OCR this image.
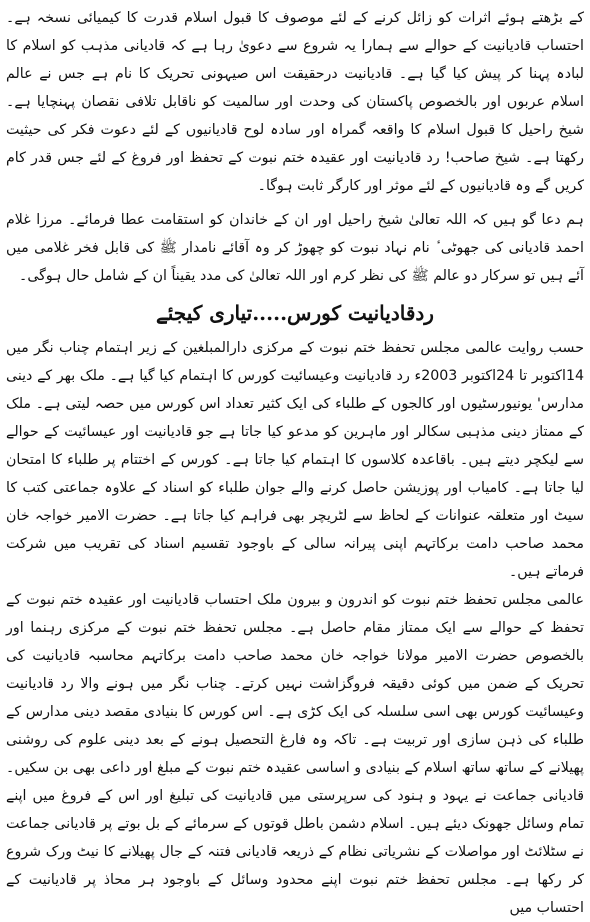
کے بڑھتے ہوئے اثرات کو زائل کرنے کے لئے موصوف کا قبول اسلام قدرت کا کیمیائی نسخہ ہے۔ احتساب قادیانیت کے حوالے سے ہمارا یہ شروع سے دعویٰ رہا ہے کہ قادیانی مذہب کو اسلام کا لبادہ پہنا کر پیش کیا گیا ہے۔ قادیانیت درحقیقت اس صیہونی تحریک کا نام ہے جس نے عالم اسلام عربوں اور بالخصوص پاکستان کی وحدت اور سالمیت کو ناقابل تلافی نقصان پہنچایا ہے۔ شیخ راحیل کا قبول اسلام کا واقعہ گمراہ اور سادہ لوح قادیانیوں کے لئے دعوت فکر کی حیثیت رکھتا ہے۔ شیخ صاحب! رد قادیانیت اور عقیدہ ختم نبوت کے تحفظ اور فروغ کے لئے جس قدر کام کریں گے وہ قادیانیوں کے لئے موثر اور کارگر ثابت ہوگا۔

ہم دعا گو ہیں کہ اللہ تعالیٰ شیخ راحیل اور ان کے خاندان کو استقامت عطا فرمائے۔ مرزا غلام احمد قادیانی کی جھوٹی ٔ نام نہاد نبوت کو چھوڑ کر وہ آقائے نامدار ﷺ کی قابل فخر غلامی میں آئے ہیں تو سرکار دو عالم ﷺ کی نظر کرم اور اللہ تعالیٰ کی مدد یقیناً ان کے شامل حال ہوگی۔

ردقادیانیت کورس.....تیاری کیجئے

حسب روایت عالمی مجلس تحفظ ختم نبوت کے مرکزی دارالمبلغین کے زیر اہتمام چناب نگر میں 14اکتوبر تا 24اکتوبر 2003ء رد قادیانیت وعیسائیت کورس کا اہتمام کیا گیا ہے۔ ملک بھر کے دینی مدارس' یونیورسٹیوں اور کالجوں کے طلباء کی ایک کثیر تعداد اس کورس میں حصہ لیتی ہے۔ ملک کے ممتاز دینی مذہبی سکالر اور ماہرین کو مدعو کیا جاتا ہے جو قادیانیت اور عیسائیت کے حوالے سے لیکچر دیتے ہیں۔ باقاعدہ کلاسوں کا اہتمام کیا جاتا ہے۔ کورس کے اختتام پر طلباء کا امتحان لیا جاتا ہے۔ کامیاب اور پوزیشن حاصل کرنے والے جوان طلباء کو اسناد کے علاوہ جماعتی کتب کا سیٹ اور متعلقہ عنوانات کے لحاظ سے لٹریچر بھی فراہم کیا جاتا ہے۔ حضرت الامیر خواجہ خان محمد صاحب دامت برکاتہم اپنی پیرانہ سالی کے باوجود تقسیم اسناد کی تقریب میں شرکت فرماتے ہیں۔

عالمی مجلس تحفظ ختم نبوت کو اندرون و بیرون ملک احتساب قادیانیت اور عقیدہ ختم نبوت کے تحفظ کے حوالے سے ایک ممتاز مقام حاصل ہے۔ مجلس تحفظ ختم نبوت کے مرکزی رہنما اور بالخصوص حضرت الامیر مولانا خواجہ خان محمد صاحب دامت برکاتہم محاسبہ قادیانیت کی تحریک کے ضمن میں کوئی دقیقہ فروگزاشت نہیں کرتے۔ چناب نگر میں ہونے والا رد قادیانیت وعیسائیت کورس بھی اسی سلسلہ کی ایک کڑی ہے۔ اس کورس کا بنیادی مقصد دینی مدارس کے طلباء کی ذہن سازی اور تربیت ہے۔ تاکہ وہ فارغ التحصیل ہونے کے بعد دینی علوم کی روشنی پھیلانے کے ساتھ ساتھ اسلام کے بنیادی و اساسی عقیدہ ختم نبوت کے مبلغ اور داعی بھی بن سکیں۔ قادیانی جماعت نے یہود و ہنود کی سرپرستی میں قادیانیت کی تبلیغ اور اس کے فروغ میں اپنے تمام وسائل جھونک دیئے ہیں۔ اسلام دشمن باطل قوتوں کے سرمائے کے بل بوتے پر قادیانی جماعت نے سٹلائٹ اور مواصلات کے نشریاتی نظام کے ذریعہ قادیانی فتنہ کے جال پھیلانے کا نیٹ ورک شروع کر رکھا ہے۔ مجلس تحفظ ختم نبوت اپنے محدود وسائل کے باوجود ہر محاذ پر قادیانیت کے احتساب میں
